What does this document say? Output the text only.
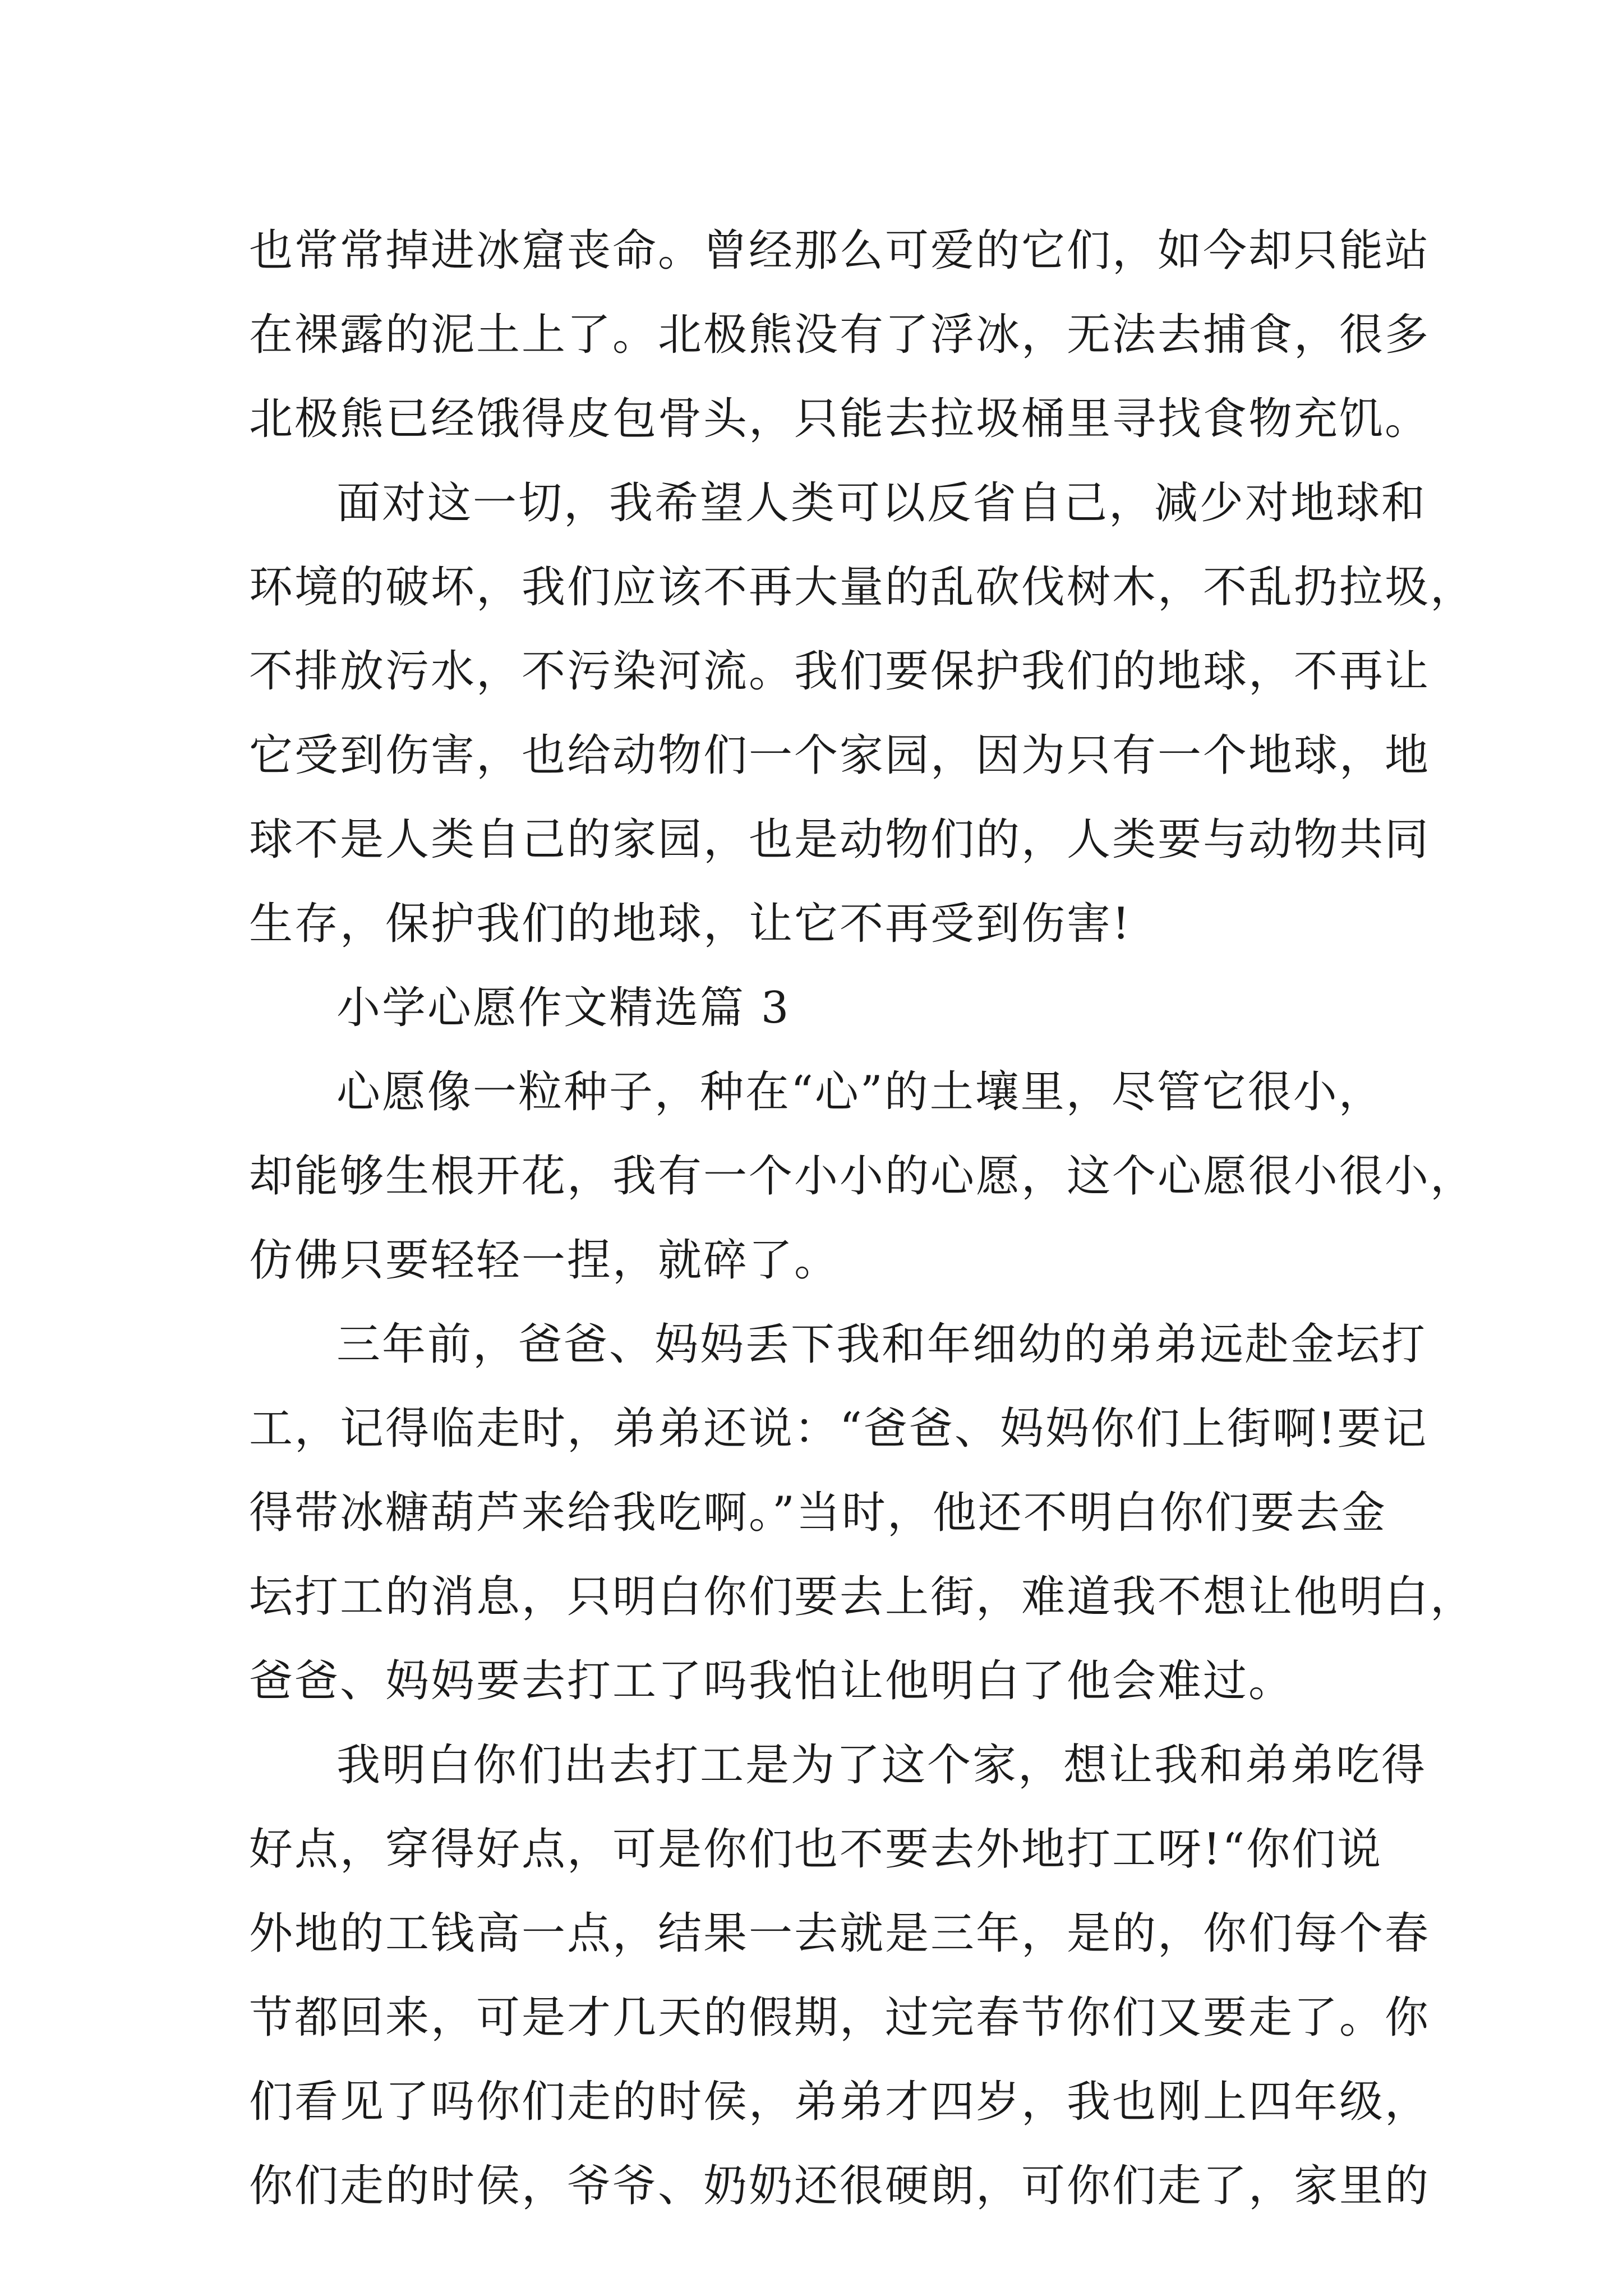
也常常掉进冰窟丧命。曾经那么可爱的它们，如今却只能站
在裸露的泥土上了。北极熊没有了浮冰，无法去捕食，很多
北极熊已经饿得皮包骨头，只能去拉圾桶里寻找食物充饥。
面对这一切，我希望人类可以反省自己，减少对地球和
环境的破坏，我们应该不再大量的乱砍伐树木，不乱扔拉圾，
不排放污水，不污染河流。我们要保护我们的地球，不再让
它受到伤害，也给动物们一个家园，因为只有一个地球，地
球不是人类自己的家园，也是动物们的，人类要与动物共同
生存，保护我们的地球，让它不再受到伤害!
小学心愿作文精选篇 3
心愿像一粒种子，种在“心”的土壤里，尽管它很小，
却能够生根开花，我有一个小小的心愿，这个心愿很小很小，
仿佛只要轻轻一捏，就碎了。
三年前，爸爸、妈妈丢下我和年细幼的弟弟远赴金坛打
工，记得临走时，弟弟还说：“爸爸、妈妈你们上街啊!要记
得带冰糖葫芦来给我吃啊。”当时，他还不明白你们要去金
坛打工的消息，只明白你们要去上街，难道我不想让他明白，
爸爸、妈妈要去打工了吗我怕让他明白了他会难过。
我明白你们出去打工是为了这个家，想让我和弟弟吃得
好点，穿得好点，可是你们也不要去外地打工呀!“你们说
外地的工钱高一点，结果一去就是三年，是的，你们每个春
节都回来，可是才几天的假期，过完春节你们又要走了。你
们看见了吗你们走的时侯，弟弟才四岁，我也刚上四年级，
你们走的时侯，爷爷、奶奶还很硬朗，可你们走了，家里的
